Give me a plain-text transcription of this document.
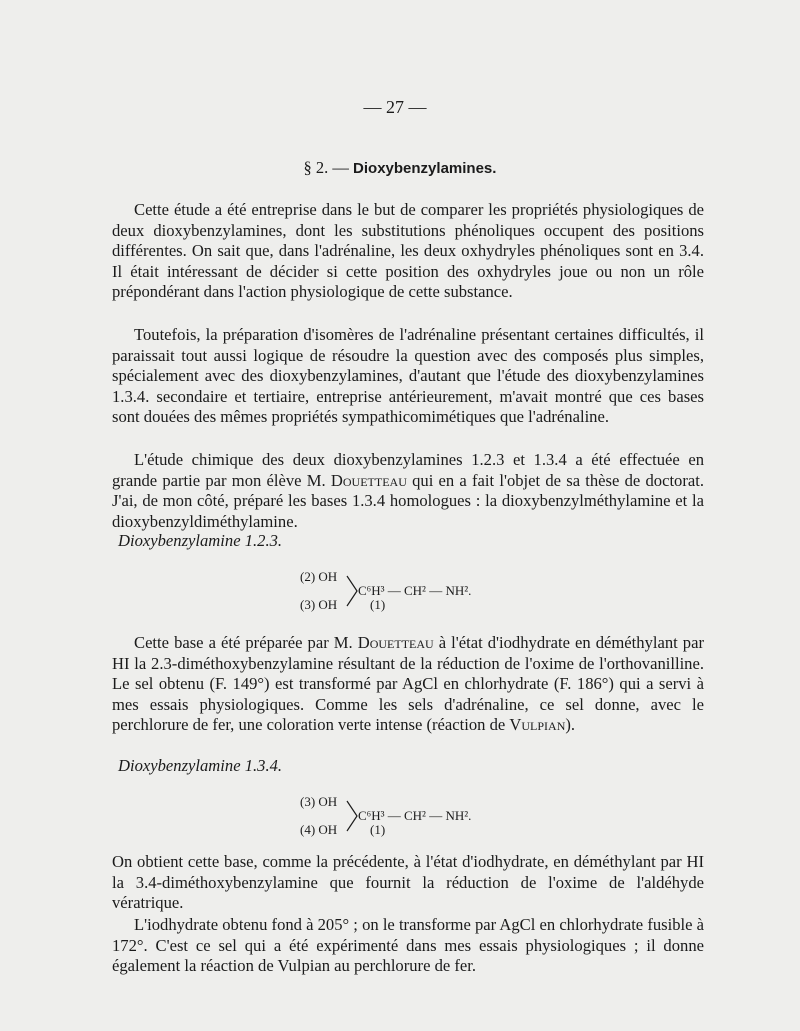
— 27 —
§ 2. — Dioxybenzylamines.

Cette étude a été entreprise dans le but de comparer les propriétés physiologiques de deux dioxybenzylamines, dont les substitutions phénoliques occupent des positions différentes. On sait que, dans l'adrénaline, les deux oxhydryles phénoliques sont en 3.4. Il était intéressant de décider si cette position des oxhydryles joue ou non un rôle prépondérant dans l'action physiologique de cette substance.

Toutefois, la préparation d'isomères de l'adrénaline présentant certaines difficultés, il paraissait tout aussi logique de résoudre la question avec des composés plus simples, spécialement avec des dioxybenzylamines, d'autant que l'étude des dioxybenzylamines 1.3.4. secondaire et tertiaire, entreprise antérieurement, m'avait montré que ces bases sont douées des mêmes propriétés sympathicomimétiques que l'adrénaline.

L'étude chimique des deux dioxybenzylamines 1.2.3 et 1.3.4 a été effectuée en grande partie par mon élève M. Douetteau qui en a fait l'objet de sa thèse de doctorat. J'ai, de mon côté, préparé les bases 1.3.4 homologues : la dioxybenzylméthylamine et la dioxybenzyldiméthylamine.

Dioxybenzylamine 1.2.3.
(2) OH
(3) OH
C⁶H³ — CH² — NH².
(1)

Cette base a été préparée par M. Douetteau à l'état d'iodhydrate en déméthylant par HI la 2.3-diméthoxybenzylamine résultant de la réduction de l'oxime de l'orthovanilline. Le sel obtenu (F. 149°) est transformé par AgCl en chlorhydrate (F. 186°) qui a servi à mes essais physiologiques. Comme les sels d'adrénaline, ce sel donne, avec le perchlorure de fer, une coloration verte intense (réaction de Vulpian).

Dioxybenzylamine 1.3.4.
(3) OH
(4) OH
C⁶H³ — CH² — NH².
(1)

On obtient cette base, comme la précédente, à l'état d'iodhydrate, en déméthylant par HI la 3.4-diméthoxybenzylamine que fournit la réduction de l'oxime de l'aldéhyde vératrique.

L'iodhydrate obtenu fond à 205° ; on le transforme par AgCl en chlorhydrate fusible à 172°. C'est ce sel qui a été expérimenté dans mes essais physiologiques ; il donne également la réaction de Vulpian au perchlorure de fer.
